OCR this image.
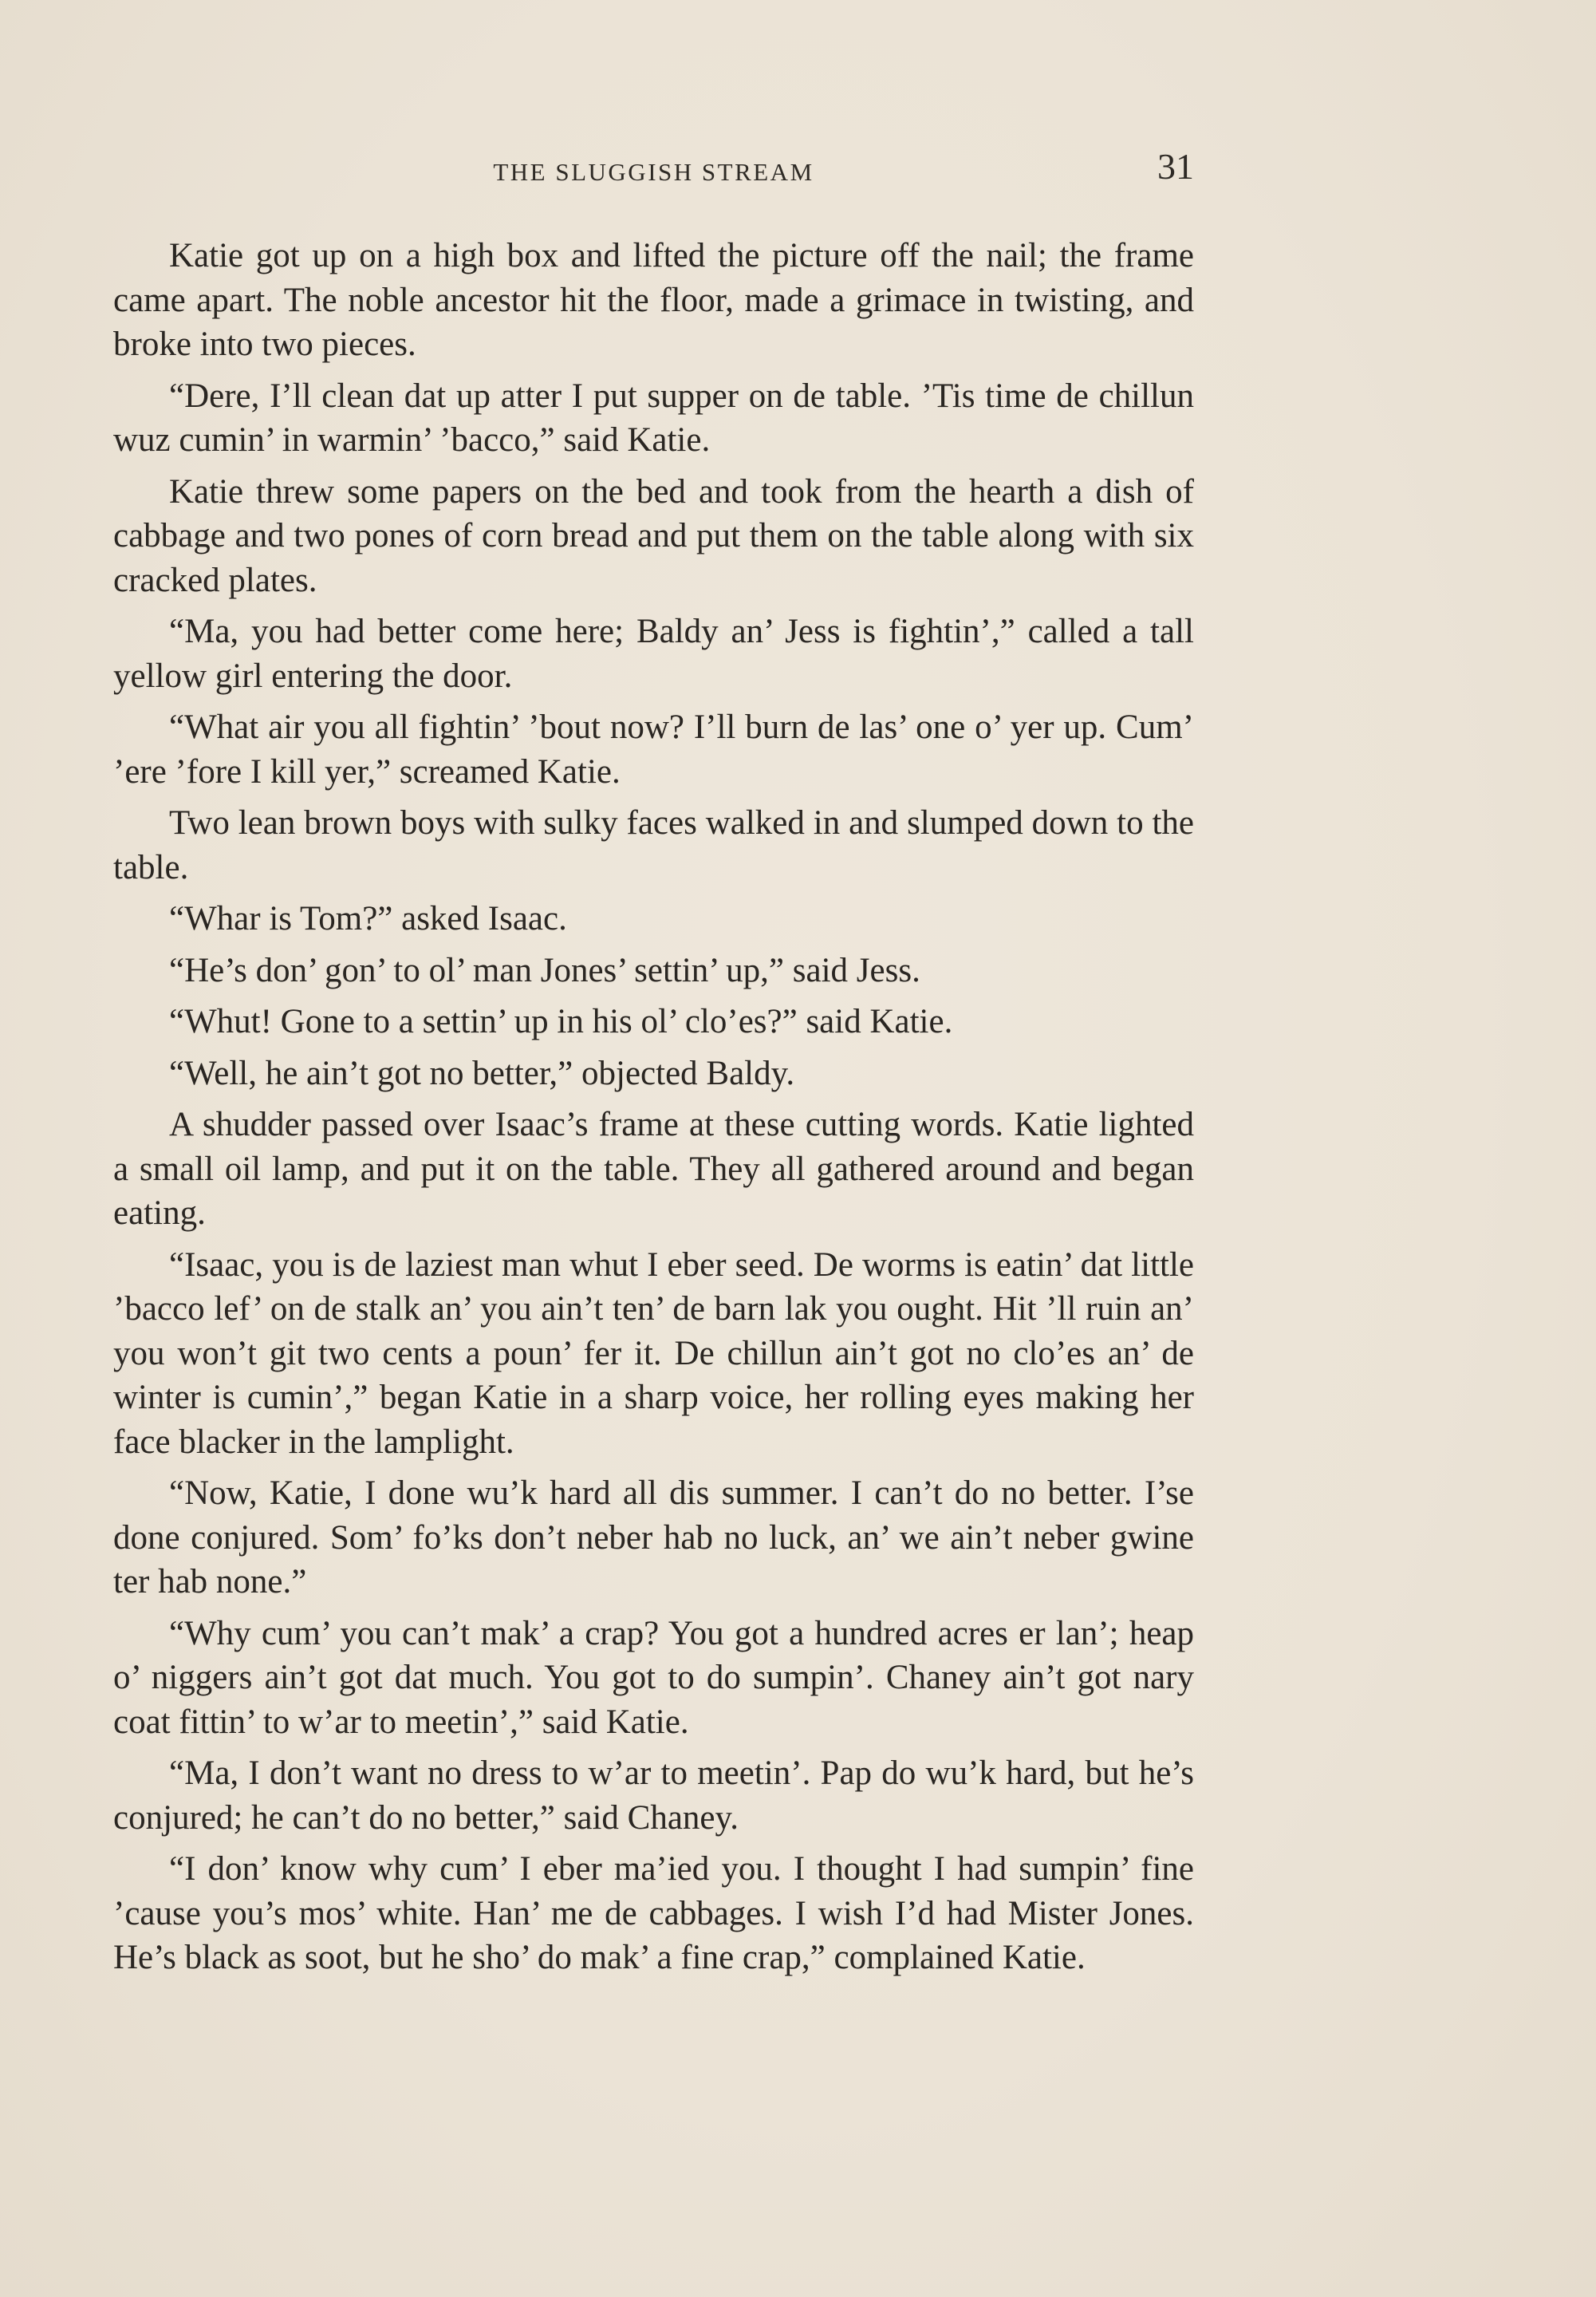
THE SLUGGISH STREAM	31

Katie got up on a high box and lifted the picture off the nail; the frame came apart. The noble ancestor hit the floor, made a grimace in twisting, and broke into two pieces.

“Dere, I’ll clean dat up atter I put supper on de table. ’Tis time de chillun wuz cumin’ in warmin’ ’bacco,” said Katie.

Katie threw some papers on the bed and took from the hearth a dish of cabbage and two pones of corn bread and put them on the table along with six cracked plates.

“Ma, you had better come here; Baldy an’ Jess is fightin’,” called a tall yellow girl entering the door.

“What air you all fightin’ ’bout now? I’ll burn de las’ one o’ yer up. Cum’ ’ere ’fore I kill yer,” screamed Katie.

Two lean brown boys with sulky faces walked in and slumped down to the table.

“Whar is Tom?” asked Isaac.

“He’s don’ gon’ to ol’ man Jones’ settin’ up,” said Jess.

“Whut! Gone to a settin’ up in his ol’ clo’es?” said Katie.

“Well, he ain’t got no better,” objected Baldy.

A shudder passed over Isaac’s frame at these cutting words. Katie lighted a small oil lamp, and put it on the table. They all gathered around and began eating.

“Isaac, you is de laziest man whut I eber seed. De worms is eatin’ dat little ’bacco lef’ on de stalk an’ you ain’t ten’ de barn lak you ought. Hit ’ll ruin an’ you won’t git two cents a poun’ fer it. De chillun ain’t got no clo’es an’ de winter is cumin’,” began Katie in a sharp voice, her rolling eyes making her face blacker in the lamplight.

“Now, Katie, I done wu’k hard all dis summer. I can’t do no better. I’se done conjured. Som’ fo’ks don’t neber hab no luck, an’ we ain’t neber gwine ter hab none.”

“Why cum’ you can’t mak’ a crap? You got a hundred acres er lan’; heap o’ niggers ain’t got dat much. You got to do sumpin’. Chaney ain’t got nary coat fittin’ to w’ar to meetin’,” said Katie.

“Ma, I don’t want no dress to w’ar to meetin’. Pap do wu’k hard, but he’s conjured; he can’t do no better,” said Chaney.

“I don’ know why cum’ I eber ma’ied you. I thought I had sumpin’ fine ’cause you’s mos’ white. Han’ me de cabbages. I wish I’d had Mister Jones. He’s black as soot, but he sho’ do mak’ a fine crap,” complained Katie.
